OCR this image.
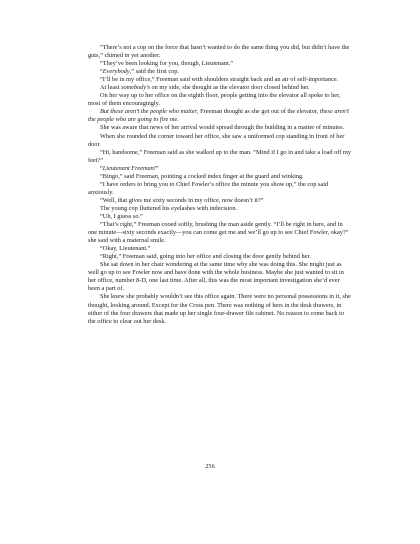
“There’s not a cop on the force that hasn’t wanted to do the same thing you did, but didn’t have the guts,” chimed in yet another.

“They’ve been looking for you, though, Lieutenant.”

“Everybody,” said the first cop.

“I’ll be in my office,” Freeman said with shoulders straight back and an air of self-importance.

At least somebody’s on my side, she thought as the elevator door closed behind her.

On her way up to her office on the eighth floor, people getting into the elevator all spoke to her, most of them encouragingly.

But these aren’t the people who matter, Freeman thought as she got out of the elevator, these aren’t the people who are going to fire me.

She was aware that news of her arrival would spread through the building in a matter of minutes.

When she rounded the corner toward her office, she saw a uniformed cop standing in front of her door.

“Hi, handsome,” Freeman said as she walked up to the man. “Mind if I go in and take a load off my feet?”

“Lieutenant Freeman!”

“Bingo,” said Freeman, pointing a cocked index finger at the guard and winking.

“I have orders to bring you to Chief Fowler’s office the minute you show up,” the cop said anxiously.

“Well, that gives me sixty seconds in my office, now doesn’t it?”

The young cop fluttered his eyelashes with indecision.

“Uh, I guess so.”

“That’s right,” Freeman cooed softly, brushing the man aside gently. “I’ll be right in here, and in one minute—sixty seconds exactly—you can come get me and we’ll go up to see Chief Fowler, okay?” she said with a maternal smile.

“Okay, Lieutenant.”

“Right,” Freeman said, going into her office and closing the door gently behind her.

She sat down in her chair wondering at the same time why she was doing this. She might just as well go up to see Fowler now and have done with the whole business. Maybe she just wanted to sit in her office, number 8-D, one last time. After all, this was the most important investigation she’d ever been a part of.

She knew she probably wouldn’t see this office again. There were no personal possessions in it, she thought, looking around. Except for the Cross pen. There was nothing of hers in the desk drawers, in either of the four drawers that made up her single four-drawer file cabinet. No reason to come back to the office to clear out her desk.

256
